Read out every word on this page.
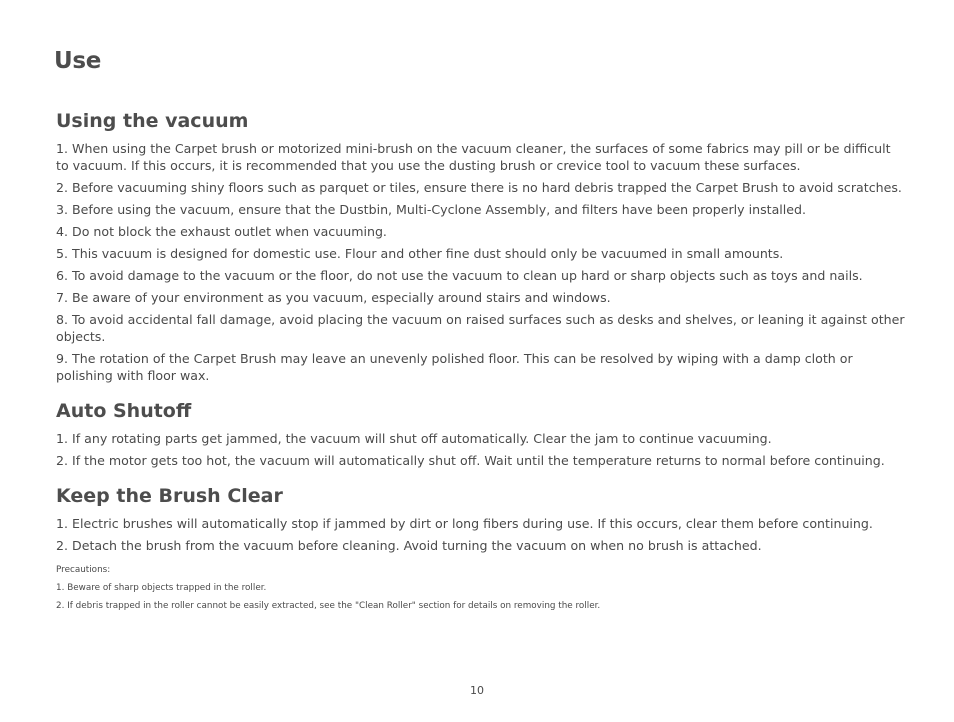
Use
Using the vacuum

1. When using the Carpet brush or motorized mini-brush on the vacuum cleaner, the surfaces of some fabrics may pill or be difficult to vacuum. If this occurs, it is recommended that you use the dusting brush or crevice tool to vacuum these surfaces.

2. Before vacuuming shiny floors such as parquet or tiles, ensure there is no hard debris trapped the Carpet Brush to avoid scratches.

3. Before using the vacuum, ensure that the Dustbin, Multi-Cyclone Assembly, and filters have been properly installed.

4. Do not block the exhaust outlet when vacuuming.

5. This vacuum is designed for domestic use. Flour and other fine dust should only be vacuumed in small amounts.

6. To avoid damage to the vacuum or the floor, do not use the vacuum to clean up hard or sharp objects such as toys and nails.

7. Be aware of your environment as you vacuum, especially around stairs and windows.

8. To avoid accidental fall damage, avoid placing the vacuum on raised surfaces such as desks and shelves, or leaning it against other objects.

9. The rotation of the Carpet Brush may leave an unevenly polished floor. This can be resolved by wiping with a damp cloth or polishing with floor wax.

Auto Shutoff

1. If any rotating parts get jammed, the vacuum will shut off automatically. Clear the jam to continue vacuuming.

2. If the motor gets too hot, the vacuum will automatically shut off. Wait until the temperature returns to normal before continuing.

Keep the Brush Clear

1. Electric brushes will automatically stop if jammed by dirt or long fibers during use. If this occurs, clear them before continuing.

2. Detach the brush from the vacuum before cleaning. Avoid turning the vacuum on when no brush is attached.

Precautions:

1. Beware of sharp objects trapped in the roller.

2. If debris trapped in the roller cannot be easily extracted, see the "Clean Roller" section for details on removing the roller.

10
